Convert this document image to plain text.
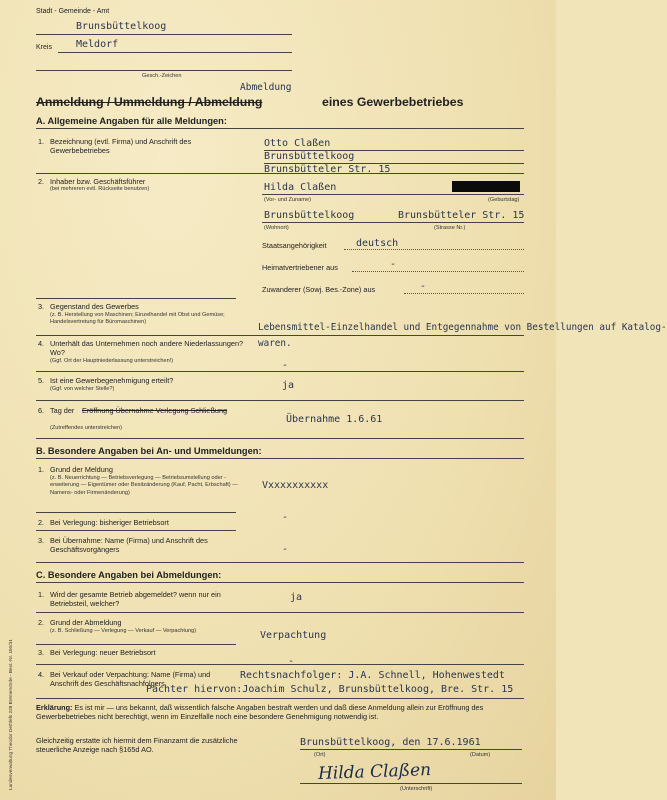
Stadt - Gemeinde - Amt
Brunsbüttelkoog
Kreis Meldorf
Gesch.-Zeichen
Abmeldung
Anmeldung / Ummeldung / Abmeldung	eines Gewerbebetriebes
A. Allgemeine Angaben für alle Meldungen:
1. Bezeichnung (evtl. Firma) und Anschrift des Gewerbebetriebes
Otto Claßen
Brunsbüttelkoog
Brunsbütteler Str. 15
2. Inhaber bzw. Geschäftsführer
(bei mehreren evtl. Rückseite benutzen)	Hilda Claßen
(Vor- und Zuname)	(Geburtstag)
Brunsbüttelkoog	Brunsbütteler Str. 15
(Wohnort)	(Strasse Nr.)
Staatsangehörigkeit	deutsch
Heimatvertriebener aus	-
Zuwanderer (Sowj. Bes.-Zone) aus	-
3. Gegenstand des Gewerbes
(z. B. Herstellung von Maschinen; Einzelhandel mit Obst und Gemüse; Handelsvertretung für Büromaschinen)	Lebensmittel-Einzelhandel und Entgegennahme von Bestellungen auf Katalog-
waren.
4. Unterhält das Unternehmen noch andere Niederlassungen? Wo?
(Ggf. Ort der Hauptniederlassung unterstreichen!)	-
5. Ist eine Gewerbegenehmigung erteilt?
(Ggf. von welcher Stelle?)	ja
6. Tag der Eröffnung Übernahme Verlegung Schließung
(Zutreffendes unterstreichen)
Übernahme 1.6.61
B. Besondere Angaben bei An- und Ummeldungen:
1. Grund der Meldung
(z. B. Neuerrichtung — Betriebsverlegung — Betriebsumstellung oder -erweiterung — Eigentümer oder Besitzänderung (Kauf, Pacht, Erbschaft) — Namens- oder Firmenänderung)
Vxxxxxxxxxx
2. Bei Verlegung: bisheriger Betriebsort	-
3. Bei Übernahme: Name (Firma) und Anschrift des Geschäftsvorgängers	-
C. Besondere Angaben bei Abmeldungen:
1. Wird der gesamte Betrieb abgemeldet? wenn nur ein Betriebsteil, welcher?
ja
2. Grund der Abmeldung
(z. B. Schließung — Verlegung — Verkauf — Verpachtung)	Verpachtung
3. Bei Verlegung: neuer Betriebsort
-
4. Bei Verkauf oder Verpachtung: Name (Firma) und Anschrift des Geschäftsnachfolgers
Rechtsnachfolger: J.A. Schnell, Hohenwestedt
Pächter hiervon:Joachim Schulz, Brunsbüttelkoog, Bre. Str. 15
Erklärung: Es ist mir — uns bekannt, daß wissentlich falsche Angaben bestraft werden und daß diese Anmeldung allein zur Eröffnung des Gewerbebetriebes nicht berechtigt, wenn im Einzelfalle noch eine besondere Genehmigung notwendig ist.
Gleichzeitig erstatte ich hiermit dem Finanzamt die zusätzliche steuerliche Anzeige nach §165d AO.
Brunsbüttelkoog, den 17.6.1961
(Ort)	(Datum)
Hilda Claßen
(Unterschrift)
Landesverwaltung Theodor Dethlefs 228 Bremervörde - Best.-Nr. 150/31
